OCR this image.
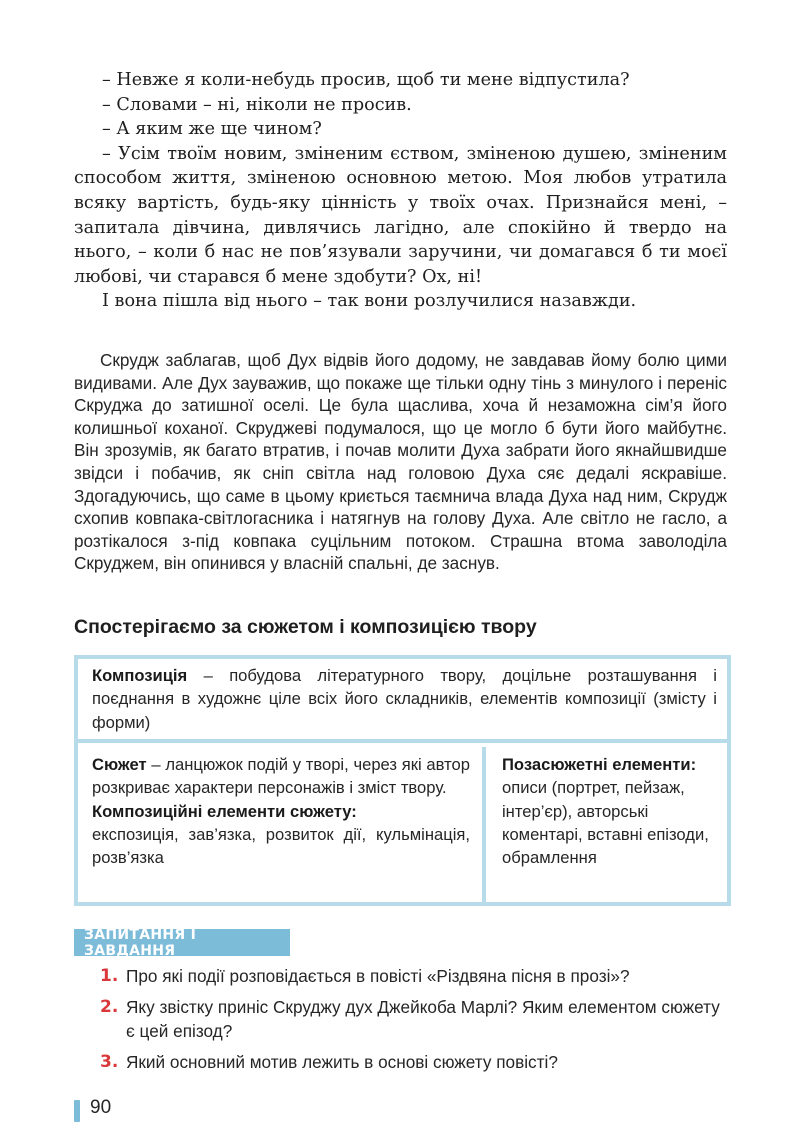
– Невже я коли-небудь просив, щоб ти мене відпустила?

– Словами – ні, ніколи не просив.

– А яким же ще чином?

– Усім твоїм новим, зміненим єством, зміненою душею, зміненим способом життя, зміненою основною метою. Моя любов утратила всяку вартість, будь-яку цінність у твоїх очах. Признайся мені, – запитала дівчина, дивлячись лагідно, але спокійно й твердо на нього, – коли б нас не пов’язували заручини, чи домагався б ти моєї любові, чи старався б мене здобути? Ох, ні!

І вона пішла від нього – так вони розлучилися назавжди.

Скрудж заблагав, щоб Дух відвів його додому, не завдавав йому болю цими видивами. Але Дух зауважив, що покаже ще тільки одну тінь з минулого і переніс Скруджа до затишної оселі. Це була щаслива, хоча й незаможна сім’я його колишньої коханої. Скруджеві подумалося, що це могло б бути його майбутнє. Він зрозумів, як багато втратив, і почав молити Духа забрати його якнайшвидше звідси і побачив, як сніп світла над головою Духа сяє дедалі яскравіше. Здогадуючись, що саме в цьому криється таємнича влада Духа над ним, Скрудж схопив ковпака-світлогасника і натягнув на голову Духа. Але світло не гасло, а розтікалося з-під ковпака суцільним потоком. Страшна втома заволоділа Скруджем, він опинився у власній спальні, де заснув.

Спостерігаємо за сюжетом і композицією твору
Композиція – побудова літературного твору, доцільне розташування і поєднання в художнє ціле всіх його складників, елементів композиції (змісту і форми)
Сюжет – ланцюжок подій у творі, через які автор розкриває характери персонажів і зміст твору.
Композиційні елементи сюжету:
експозиція, зав’язка, розвиток дії, кульмінація, розв’язка
Позасюжетні елементи:
описи (портрет, пейзаж, інтер’єр), авторські коментарі, вставні епізоди, обрамлення
ЗАПИТАННЯ І ЗАВДАННЯ
1. Про які події розповідається в повісті «Різдвяна пісня в прозі»?
2. Яку звістку приніс Скруджу дух Джейкоба Марлі? Яким елементом сюжету є цей епізод?
3. Який основний мотив лежить в основі сюжету повісті?
90
